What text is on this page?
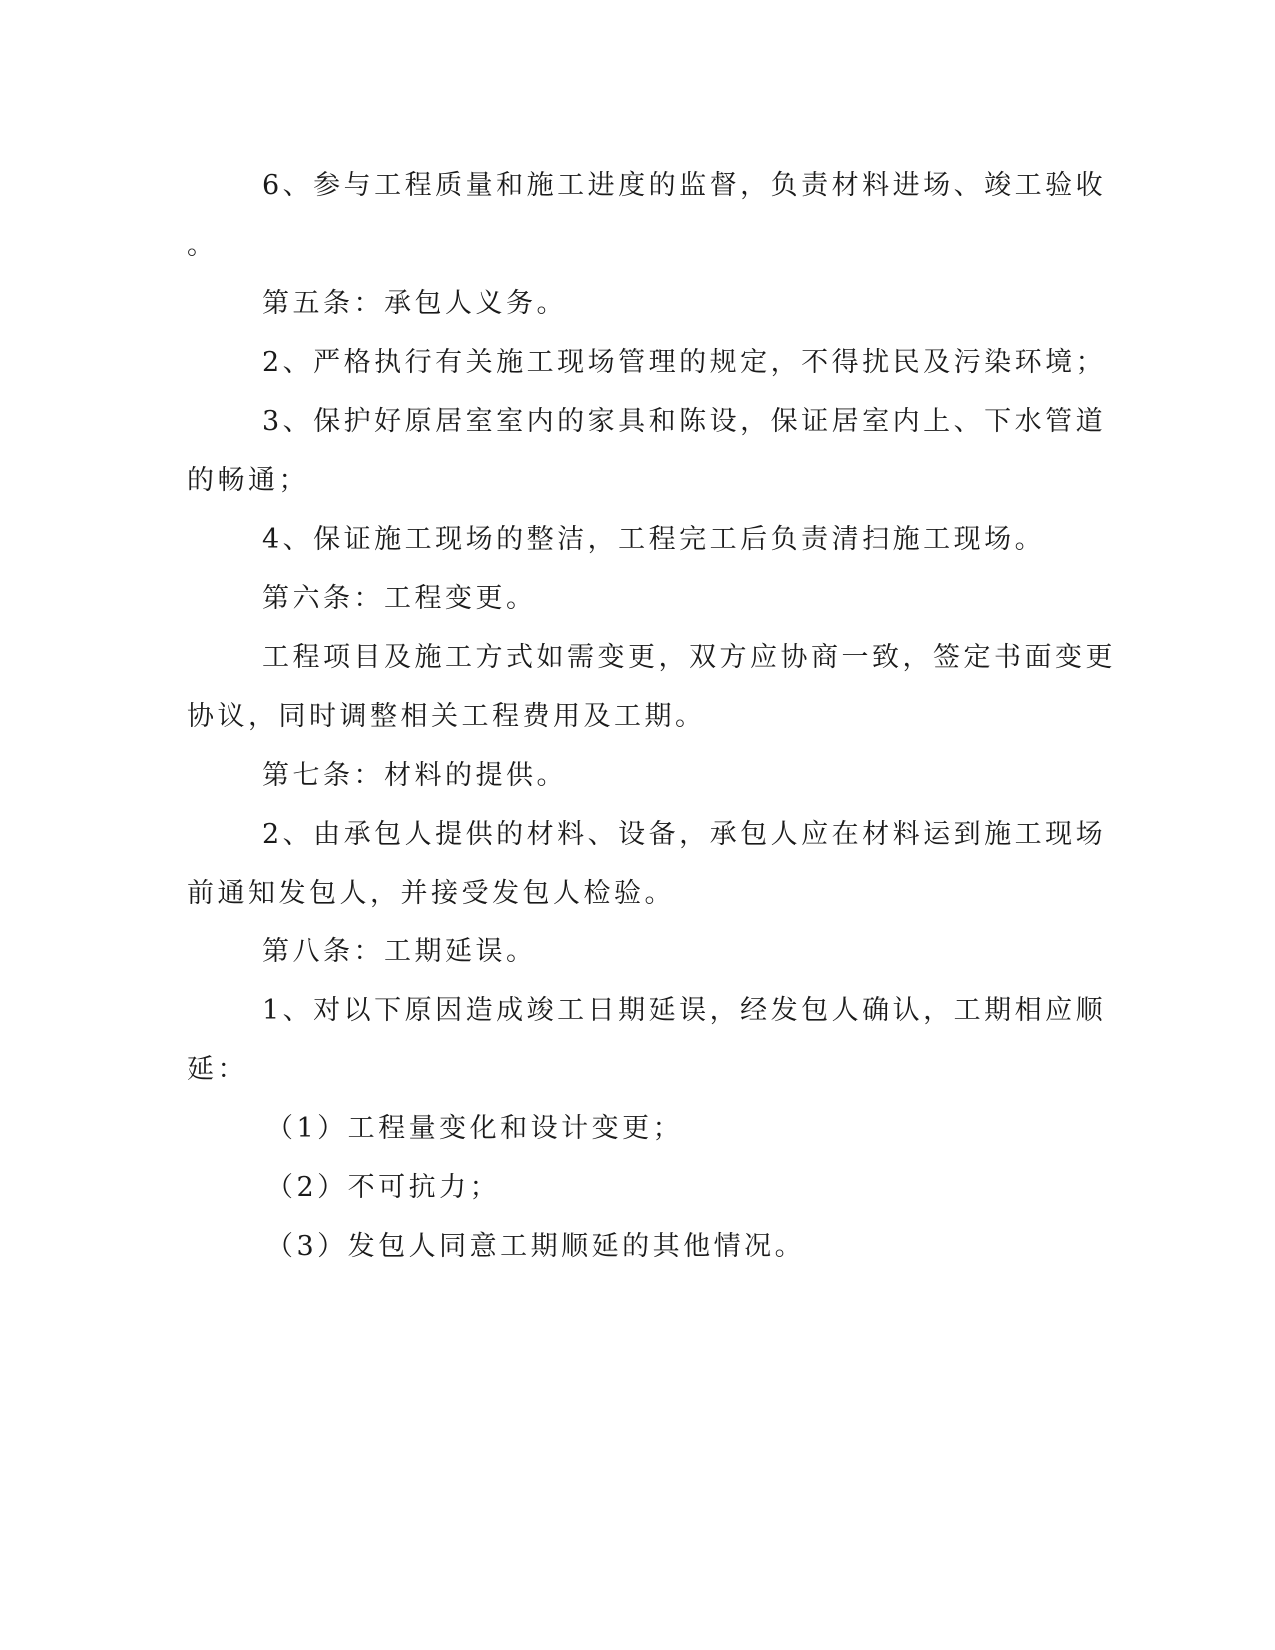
6、参与工程质量和施工进度的监督，负责材料进场、竣工验收
。
第五条：承包人义务。
2、严格执行有关施工现场管理的规定，不得扰民及污染环境；
3、保护好原居室室内的家具和陈设，保证居室内上、下水管道
的畅通；
4、保证施工现场的整洁，工程完工后负责清扫施工现场。
第六条：工程变更。
工程项目及施工方式如需变更，双方应协商一致，签定书面变更
协议，同时调整相关工程费用及工期。
第七条：材料的提供。
2、由承包人提供的材料、设备，承包人应在材料运到施工现场
前通知发包人，并接受发包人检验。
第八条：工期延误。
1、对以下原因造成竣工日期延误，经发包人确认，工期相应顺
延：
（1）工程量变化和设计变更；
（2）不可抗力；
（3）发包人同意工期顺延的其他情况。
